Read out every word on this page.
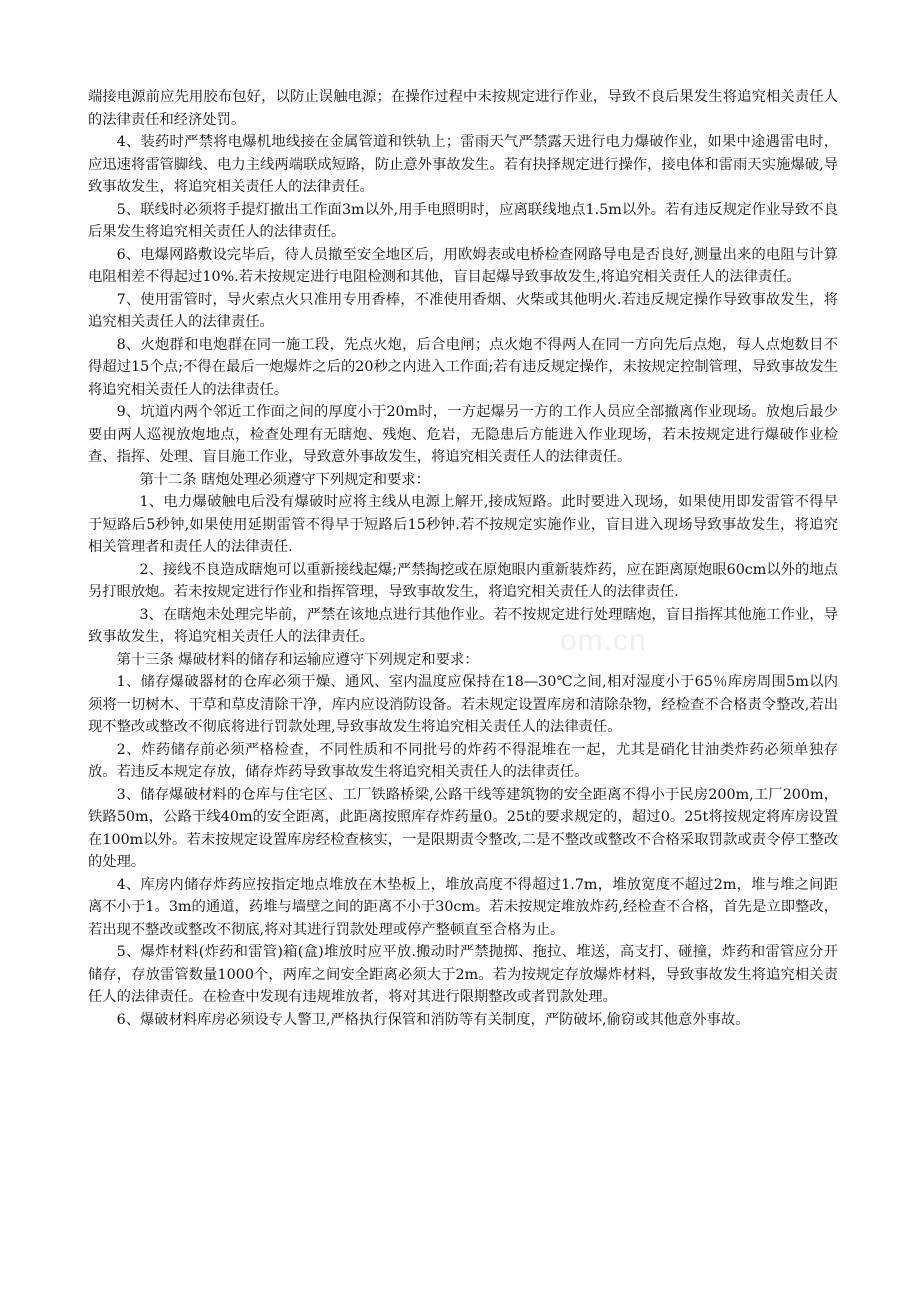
端接电源前应先用胶布包好，以防止误触电源；在操作过程中未按规定进行作业，导致不良后果发生将追究相关责任人的法律责任和经济处罚。

4、装药时严禁将电爆机地线接在金属管道和铁轨上；雷雨天气严禁露天进行电力爆破作业，如果中途遇雷电时，应迅速将雷管脚线、电力主线两端联成短路，防止意外事故发生。若有抉择规定进行操作，接电体和雷雨天实施爆破,导致事故发生，将追究相关责任人的法律责任。

5、联线时必须将手提灯撤出工作面3m以外,用手电照明时，应离联线地点1.5m以外。若有违反规定作业导致不良后果发生将追究相关责任人的法律责任。

6、电爆网路敷设完毕后，待人员撤至安全地区后，用欧姆表或电桥检查网路导电是否良好,测量出来的电阻与计算电阻相差不得起过10%.若未按规定进行电阻检测和其他，盲目起爆导致事故发生,将追究相关责任人的法律责任。

7、使用雷管时，导火索点火只准用专用香棒，不准使用香烟、火柴或其他明火.若违反规定操作导致事故发生，将追究相关责任人的法律责任。

8、火炮群和电炮群在同一施工段，先点火炮，后合电闸；点火炮不得两人在同一方向先后点炮，每人点炮数目不得超过15个点;不得在最后一炮爆炸之后的20秒之内进入工作面;若有违反规定操作，未按规定控制管理，导致事故发生将追究相关责任人的法律责任。

9、坑道内两个邻近工作面之间的厚度小于20m时，一方起爆另一方的工作人员应全部撤离作业现场。放炮后最少要由两人巡视放炮地点，检查处理有无瞎炮、残炮、危岩，无隐患后方能进入作业现场，若未按规定进行爆破作业检查、指挥、处理、盲目施工作业，导致意外事故发生，将追究相关责任人的法律责任。

第十二条 瞎炮处理必须遵守下列规定和要求：

1、电力爆破触电后没有爆破时应将主线从电源上解开,接成短路。此时要进入现场，如果使用即发雷管不得早于短路后5秒钟,如果使用延期雷管不得早于短路后15秒钟.若不按规定实施作业，盲目进入现场导致事故发生，将追究相关管理者和责任人的法律责任.

2、接线不良造成瞎炮可以重新接线起爆;严禁掏挖或在原炮眼内重新装炸药，应在距离原炮眼60cm以外的地点另打眼放炮。若未按规定进行作业和指挥管理，导致事故发生，将追究相关责任人的法律责任.

3、在瞎炮未处理完毕前，严禁在该地点进行其他作业。若不按规定进行处理瞎炮，盲目指挥其他施工作业，导致事故发生，将追究相关责任人的法律责任。

第十三条 爆破材料的储存和运输应遵守下列规定和要求：

1、储存爆破器材的仓库必须干燥、通风、室内温度应保持在18—30℃之间,相对湿度小于65％库房周围5m以内须将一切树木、干草和草皮清除干净，库内应设消防设备。若未规定设置库房和清除杂物，经检查不合格责令整改,若出现不整改或整改不彻底将进行罚款处理,导致事故发生将追究相关责任人的法律责任。

2、炸药储存前必须严格检查，不同性质和不同批号的炸药不得混堆在一起，尤其是硝化甘油类炸药必须单独存放。若违反本规定存放，储存炸药导致事故发生将追究相关责任人的法律责任。

3、储存爆破材料的仓库与住宅区、工厂铁路桥梁,公路干线等建筑物的安全距离不得小于民房200m,工厂200m，铁路50m，公路干线40m的安全距离，此距离按照库存炸药量0。25t的要求规定的，超过0。25t将按规定将库房设置在100m以外。若未按规定设置库房经检查核实，一是限期责令整改,二是不整改或整改不合格采取罚款或责令停工整改的处理。

4、库房内储存炸药应按指定地点堆放在木垫板上，堆放高度不得超过1.7m，堆放宽度不超过2m，堆与堆之间距离不小于1。3m的通道，药堆与墙壁之间的距离不小于30cm。若未按规定堆放炸药,经检查不合格，首先是立即整改，若出现不整改或整改不彻底,将对其进行罚款处理或停产整顿直至合格为止。

5、爆炸材料(炸药和雷管)箱(盒)堆放时应平放.搬动时严禁抛掷、拖拉、堆送，高支打、碰撞，炸药和雷管应分开储存，存放雷管数量1000个，两库之间安全距离必须大于2m。若为按规定存放爆炸材料，导致事故发生将追究相关责任人的法律责任。在检查中发现有违规堆放者，将对其进行限期整改或者罚款处理。

6、爆破材料库房必须设专人警卫,严格执行保管和消防等有关制度，严防破坏,偷窃或其他意外事故。

om.cn
